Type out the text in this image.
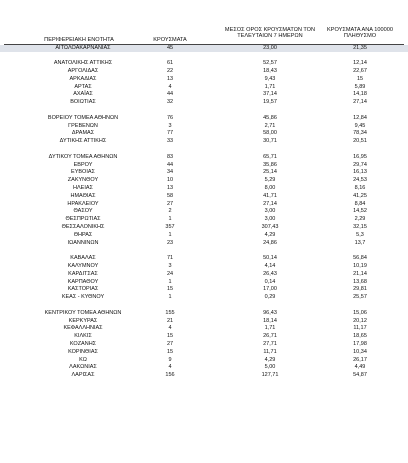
ΠΕΡΙΦΕΡΕΙΑΚΗ ΕΝΟΤΗΤΑ	ΚΡΟΥΣΜΑΤΑ
ΜΕΣΟΣ ΟΡΟΣ ΚΡΟΥΣΜΑΤΩΝ ΤΟΝ
ΤΕΛΕΥΤΑΙΩΝ 7 ΗΜΕΡΩΝ
ΚΡΟΥΣΜΑΤΑ ΑΝΑ 100000
ΠΛΗΘΥΣΜΟ
ΑΙΤΩΛΟΑΚΑΡΝΑΝΙΑΣ	45	23,00	21,35
ΑΝΑΤΟΛΙΚΗΣ ΑΤΤΙΚΗΣ	61	52,57	12,14
ΑΡΓΟΛΙΔΑΣ	22	18,43	22,67
ΑΡΚΑΔΙΑΣ	13	9,43	15
ΑΡΤΑΣ	4	1,71	5,89
ΑΧΑΪΑΣ	44	37,14	14,18
ΒΟΙΩΤΙΑΣ	32	19,57	27,14
ΒΟΡΕΙΟΥ ΤΟΜΕΑ ΑΘΗΝΩΝ	76	45,86	12,84
ΓΡΕΒΕΝΩΝ	3	2,71	9,45
ΔΡΑΜΑΣ	77	58,00	78,34
ΔΥΤΙΚΗΣ ΑΤΤΙΚΗΣ	33	30,71	20,51
ΔΥΤΙΚΟΥ ΤΟΜΕΑ ΑΘΗΝΩΝ	83	65,71	16,95
ΕΒΡΟΥ	44	35,86	29,74
ΕΥΒΟΙΑΣ	34	25,14	16,13
ΖΑΚΥΝΘΟΥ	10	5,29	24,53
ΗΛΕΙΑΣ	13	8,00	8,16
ΗΜΑΘΙΑΣ	58	41,71	41,25
ΗΡΑΚΛΕΙΟΥ	27	27,14	8,84
ΘΑΣΟΥ	2	3,00	14,52
ΘΕΣΠΡΩΤΙΑΣ	1	3,00	2,29
ΘΕΣΣΑΛΟΝΙΚΗΣ	357	307,43	32,15
ΘΗΡΑΣ	1	4,29	5,3
ΙΩΑΝΝΙΝΩΝ	23	24,86	13,7
ΚΑΒΑΛΑΣ	71	50,14	56,84
ΚΑΛΥΜΝΟΥ	3	4,14	10,19
ΚΑΡΔΙΤΣΑΣ	24	26,43	21,14
ΚΑΡΠΑΘΟΥ	1	0,14	13,68
ΚΑΣΤΟΡΙΑΣ	15	17,00	29,81
ΚΕΑΣ - ΚΥΘΝΟΥ	1	0,29	25,57
ΚΕΝΤΡΙΚΟΥ ΤΟΜΕΑ ΑΘΗΝΩΝ	155	96,43	15,06
ΚΕΡΚΥΡΑΣ	21	18,14	20,12
ΚΕΦΑΛΛΗΝΙΑΣ	4	1,71	11,17
ΚΙΛΚΙΣ	15	26,71	18,65
ΚΟΖΑΝΗΣ	27	27,71	17,98
ΚΟΡΙΝΘΙΑΣ	15	11,71	10,34
ΚΩ	9	4,29	26,17
ΛΑΚΩΝΙΑΣ	4	5,00	4,49
ΛΑΡΙΣΑΣ	156	127,71	54,87
